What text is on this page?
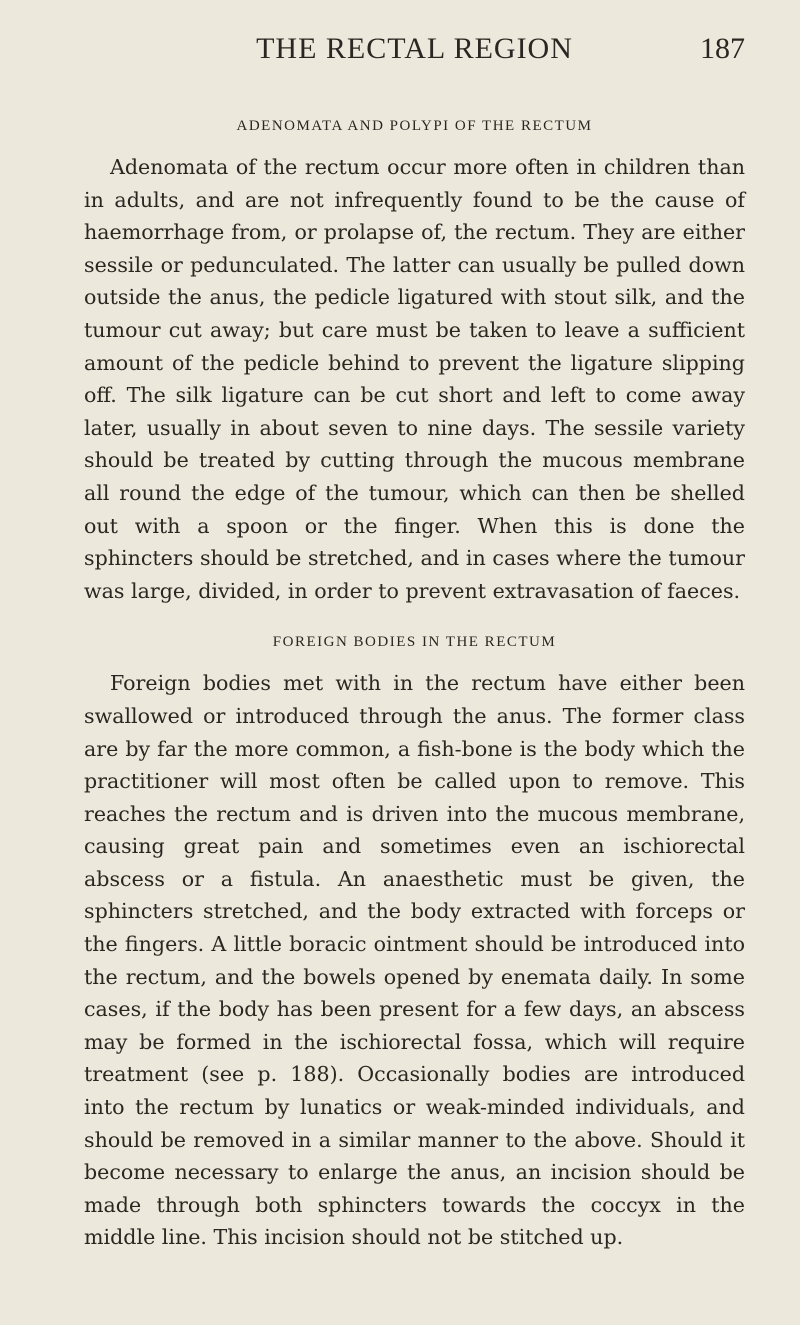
THE RECTAL REGION	187
ADENOMATA AND POLYPI OF THE RECTUM

Adenomata of the rectum occur more often in children than in adults, and are not infrequently found to be the cause of haemorrhage from, or prolapse of, the rectum. They are either sessile or pedunculated. The latter can usually be pulled down outside the anus, the pedicle ligatured with stout silk, and the tumour cut away; but care must be taken to leave a sufficient amount of the pedicle behind to prevent the ligature slipping off. The silk ligature can be cut short and left to come away later, usually in about seven to nine days. The sessile variety should be treated by cutting through the mucous membrane all round the edge of the tumour, which can then be shelled out with a spoon or the finger. When this is done the sphincters should be stretched, and in cases where the tumour was large, divided, in order to prevent extravasation of faeces.

FOREIGN BODIES IN THE RECTUM

Foreign bodies met with in the rectum have either been swallowed or introduced through the anus. The former class are by far the more common, a fish-bone is the body which the practitioner will most often be called upon to remove. This reaches the rectum and is driven into the mucous membrane, causing great pain and sometimes even an ischiorectal abscess or a fistula. An anaesthetic must be given, the sphincters stretched, and the body extracted with forceps or the fingers. A little boracic ointment should be introduced into the rectum, and the bowels opened by enemata daily. In some cases, if the body has been present for a few days, an abscess may be formed in the ischiorectal fossa, which will require treatment (see p. 188). Occasionally bodies are introduced into the rectum by lunatics or weak-minded individuals, and should be removed in a similar manner to the above. Should it become necessary to enlarge the anus, an incision should be made through both sphincters towards the coccyx in the middle line. This incision should not be stitched up.
